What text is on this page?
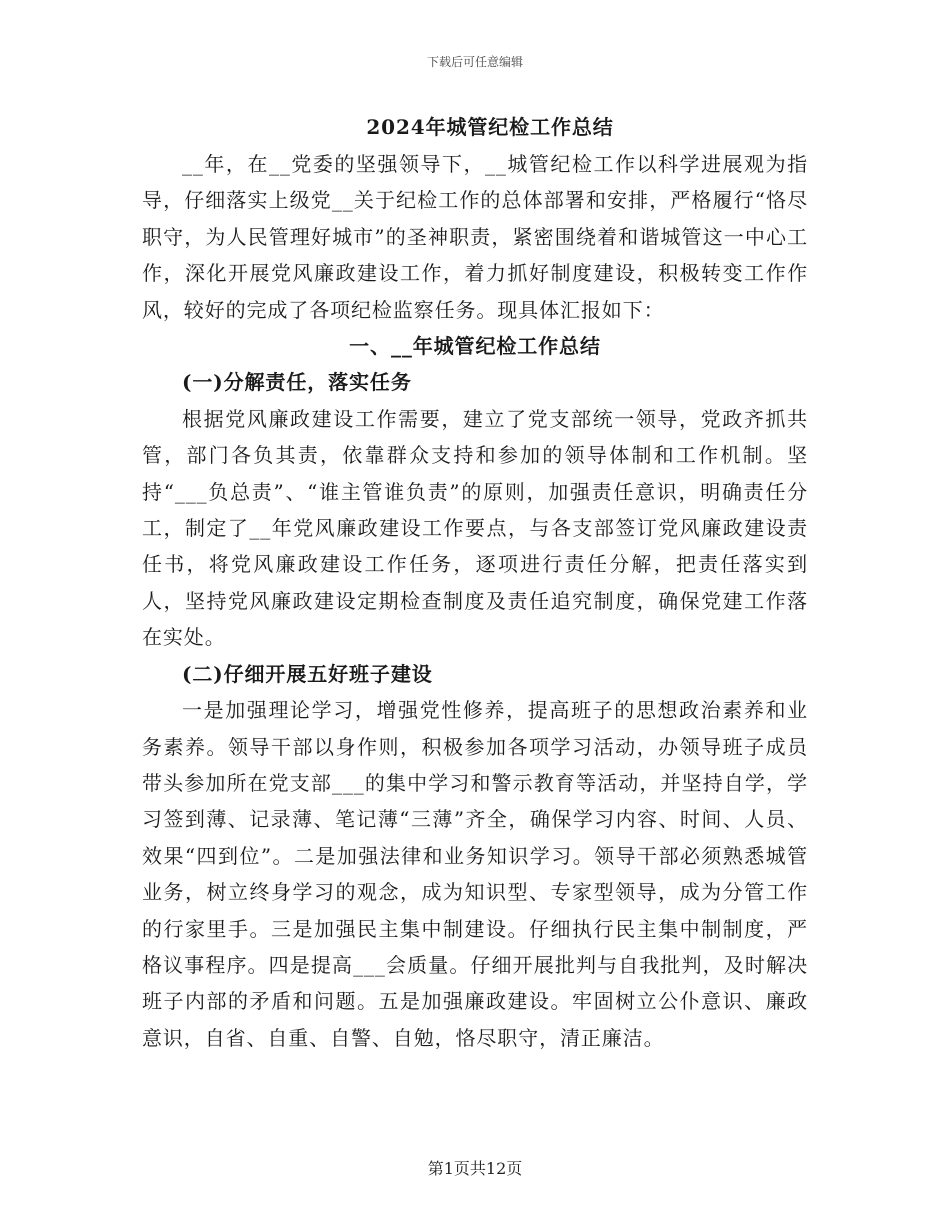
下载后可任意编辑
2024年城管纪检工作总结

__年，在__党委的坚强领导下，__城管纪检工作以科学进展观为指导，仔细落实上级党__关于纪检工作的总体部署和安排，严格履行“恪尽职守，为人民管理好城市”的圣神职责，紧密围绕着和谐城管这一中心工作，深化开展党风廉政建设工作，着力抓好制度建设，积极转变工作作风，较好的完成了各项纪检监察任务。现具体汇报如下：

一、__年城管纪检工作总结

(一)分解责任，落实任务

根据党风廉政建设工作需要，建立了党支部统一领导，党政齐抓共管，部门各负其责，依靠群众支持和参加的领导体制和工作机制。坚持“___负总责”、“谁主管谁负责”的原则，加强责任意识，明确责任分工，制定了__年党风廉政建设工作要点，与各支部签订党风廉政建设责任书，将党风廉政建设工作任务，逐项进行责任分解，把责任落实到人，坚持党风廉政建设定期检查制度及责任追究制度，确保党建工作落在实处。

(二)仔细开展五好班子建设

一是加强理论学习，增强党性修养，提高班子的思想政治素养和业务素养。领导干部以身作则，积极参加各项学习活动，办领导班子成员带头参加所在党支部___的集中学习和警示教育等活动，并坚持自学，学习签到薄、记录薄、笔记薄“三薄”齐全，确保学习内容、时间、人员、效果“四到位”。二是加强法律和业务知识学习。领导干部必须熟悉城管业务，树立终身学习的观念，成为知识型、专家型领导，成为分管工作的行家里手。三是加强民主集中制建设。仔细执行民主集中制制度，严格议事程序。四是提高___会质量。仔细开展批判与自我批判，及时解决班子内部的矛盾和问题。五是加强廉政建设。牢固树立公仆意识、廉政意识，自省、自重、自警、自勉，恪尽职守，清正廉洁。

第1页共12页
